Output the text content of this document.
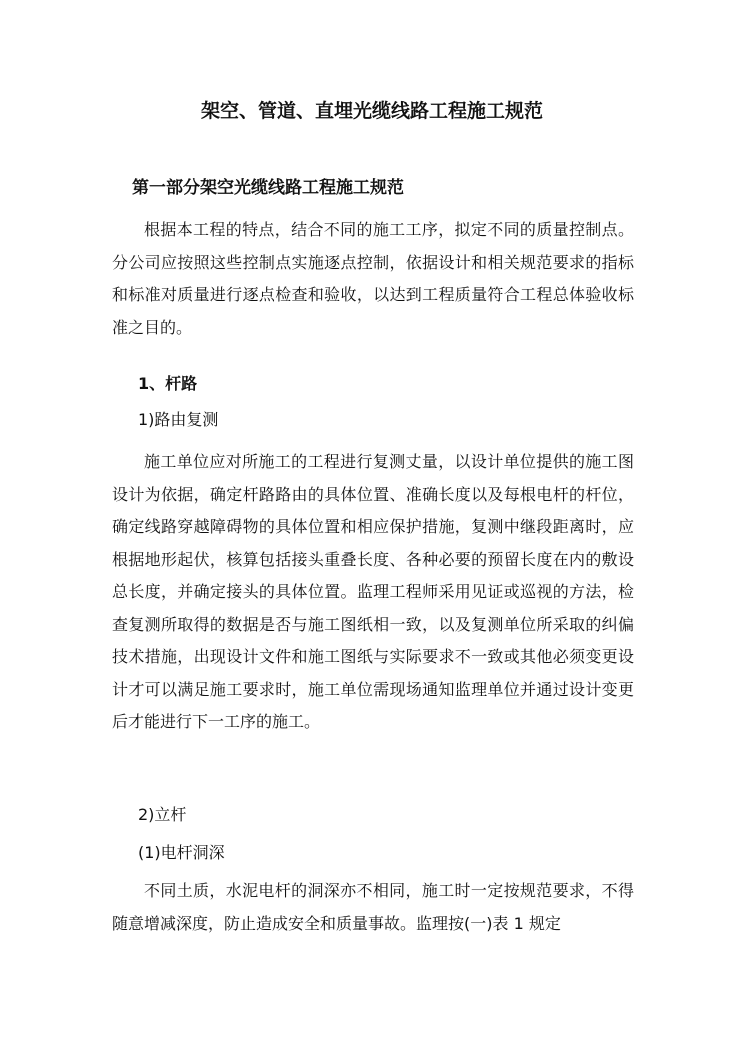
架空、管道、直埋光缆线路工程施工规范
第一部分架空光缆线路工程施工规范

根据本工程的特点，结合不同的施工工序，拟定不同的质量控制点。分公司应按照这些控制点实施逐点控制，依据设计和相关规范要求的指标和标准对质量进行逐点检查和验收，以达到工程质量符合工程总体验收标准之目的。

1、杆路
1)路由复测

施工单位应对所施工的工程进行复测丈量，以设计单位提供的施工图设计为依据，确定杆路路由的具体位置、准确长度以及每根电杆的杆位，确定线路穿越障碍物的具体位置和相应保护措施，复测中继段距离时，应根据地形起伏，核算包括接头重叠长度、各种必要的预留长度在内的敷设总长度，并确定接头的具体位置。监理工程师采用见证或巡视的方法，检查复测所取得的数据是否与施工图纸相一致，以及复测单位所采取的纠偏技术措施，出现设计文件和施工图纸与实际要求不一致或其他必须变更设计才可以满足施工要求时，施工单位需现场通知监理单位并通过设计变更后才能进行下一工序的施工。

2)立杆
(1)电杆洞深

不同土质，水泥电杆的洞深亦不相同，施工时一定按规范要求，不得随意增减深度，防止造成安全和质量事故。监理按(一)表 1 规定
